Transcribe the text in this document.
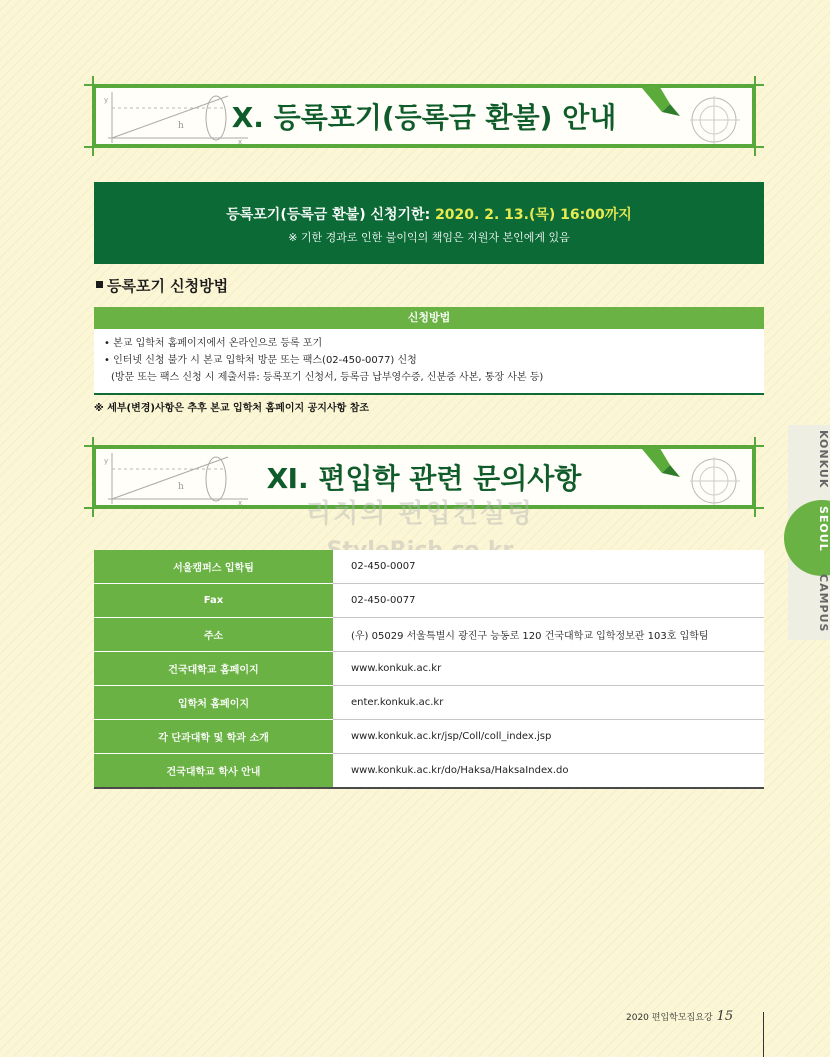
h
x
y
Ⅹ. 등록포기(등록금 환불) 안내
등록포기(등록금 환불) 신청기한: 2020. 2. 13.(목) 16:00까지
※ 기한 경과로 인한 불이익의 책임은 지원자 본인에게 있음
등록포기 신청방법
신청방법
• 본교 입학처 홈페이지에서 온라인으로 등록 포기
• 인터넷 신청 불가 시 본교 입학처 방문 또는 팩스(02-450-0077) 신청
(방문 또는 팩스 신청 시 제출서류: 등록포기 신청서, 등록금 납부영수증, 신분증 사본, 통장 사본 등)
※ 세부(변경)사항은 추후 본교 입학처 홈페이지 공지사항 참조
h
x
y
Ⅺ. 편입학 관련 문의사항
리치의 편입컨설팅
서울캠퍼스 입학팀	02-450-0007
Fax	02-450-0077
주소	(우) 05029 서울특별시 광진구 능동로 120 건국대학교 입학정보관 103호 입학팀
건국대학교 홈페이지	www.konkuk.ac.kr
입학처 홈페이지	enter.konkuk.ac.kr
각 단과대학 및 학과 소개	www.konkuk.ac.kr/jsp/Coll/coll_index.jsp
건국대학교 학사 안내	www.konkuk.ac.kr/do/Haksa/HaksaIndex.do
KONKUK
SEOUL
CAMPUS
2020 편입학모집요강 15
